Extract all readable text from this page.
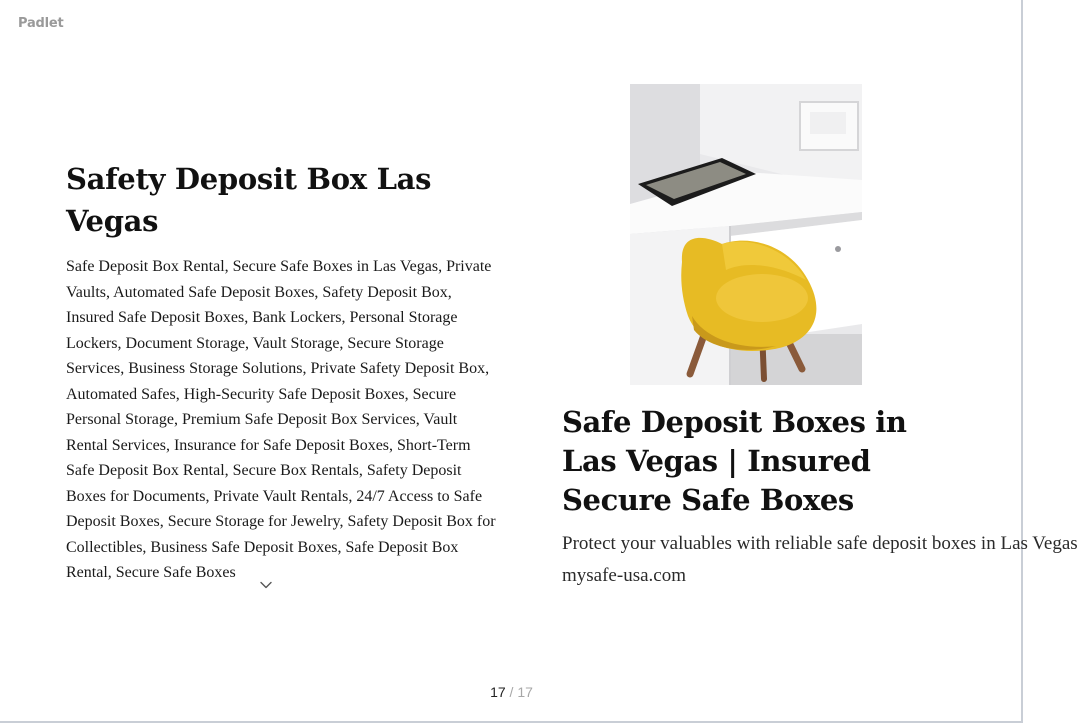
Padlet
Safety Deposit Box Las Vegas
Safe Deposit Box Rental, Secure Safe Boxes in Las Vegas, Private Vaults, Automated Safe Deposit Boxes, Safety Deposit Box, Insured Safe Deposit Boxes, Bank Lockers, Personal Storage Lockers, Document Storage, Vault Storage, Secure Storage Services, Business Storage Solutions, Private Safety Deposit Box, Automated Safes, High-Security Safe Deposit Boxes, Secure Personal Storage, Premium Safe Deposit Box Services, Vault Rental Services, Insurance for Safe Deposit Boxes, Short-Term Safe Deposit Box Rental, Secure Box Rentals, Safety Deposit Boxes for Documents, Private Vault Rentals, 24/7 Access to Safe Deposit Boxes, Secure Storage for Jewelry, Safety Deposit Box for Collectibles, Business Safe Deposit Boxes, Safe Deposit Box Rental, Secure Safe Boxes
Safe Deposit Boxes in Las Vegas | Insured Secure Safe Boxes
Protect your valuables with reliable safe deposit boxes in Las Vegas
mysafe-usa.com
17 / 17
